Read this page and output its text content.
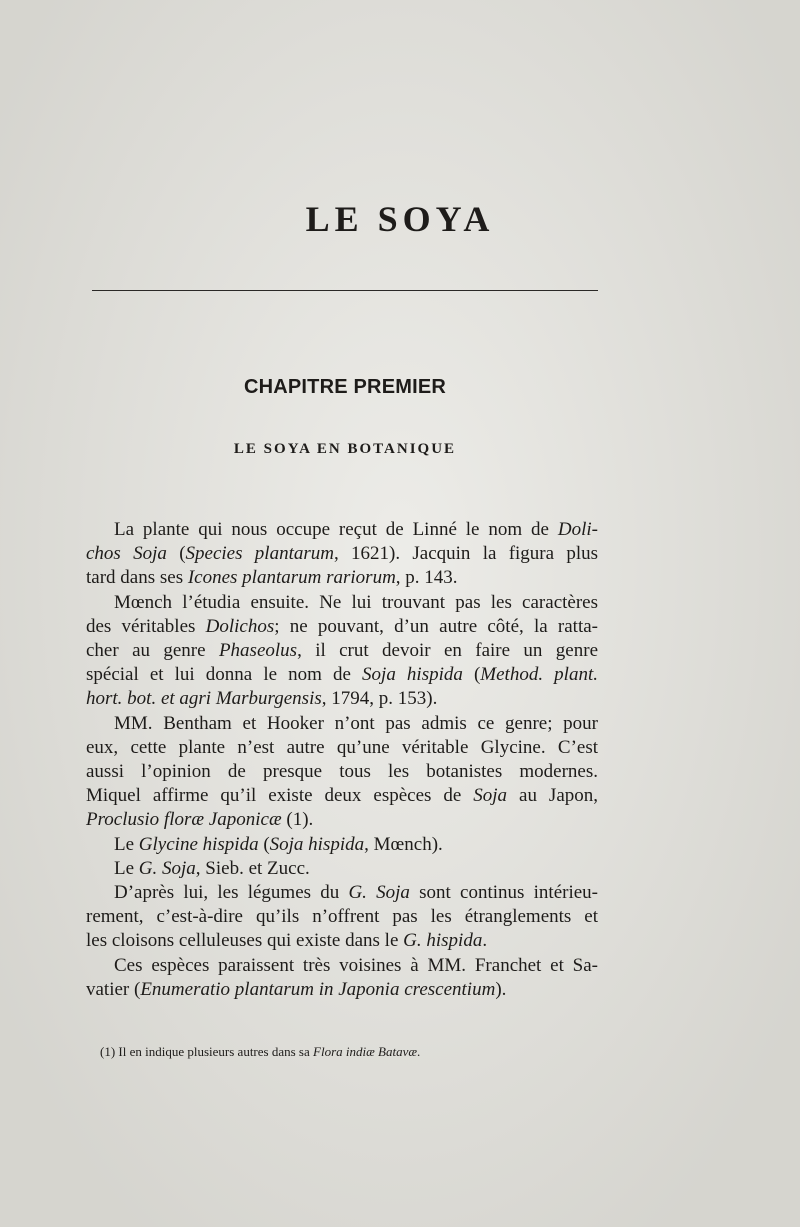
LE SOYA
CHAPITRE PREMIER
LE SOYA EN BOTANIQUE
La plante qui nous occupe reçut de Linné le nom de Doli-
chos Soja (Species plantarum, 1621). Jacquin la figura plus
tard dans ses Icones plantarum rariorum, p. 143.
Mœnch l’étudia ensuite. Ne lui trouvant pas les caractères
des véritables Dolichos; ne pouvant, d’un autre côté, la ratta-
cher au genre Phaseolus, il crut devoir en faire un genre
spécial et lui donna le nom de Soja hispida (Method. plant.
hort. bot. et agri Marburgensis, 1794, p. 153).
MM. Bentham et Hooker n’ont pas admis ce genre; pour
eux, cette plante n’est autre qu’une véritable Glycine. C’est
aussi l’opinion de presque tous les botanistes modernes.
Miquel affirme qu’il existe deux espèces de Soja au Japon,
Proclusio floræ Japonicæ (1).
Le Glycine hispida (Soja hispida, Mœnch).
Le G. Soja, Sieb. et Zucc.
D’après lui, les légumes du G. Soja sont continus intérieu-
rement, c’est-à-dire qu’ils n’offrent pas les étranglements et
les cloisons celluleuses qui existe dans le G. hispida.
Ces espèces paraissent très voisines à MM. Franchet et Sa-
vatier (Enumeratio plantarum in Japonia crescentium).
(1) Il en indique plusieurs autres dans sa Flora indiæ Batavæ.
